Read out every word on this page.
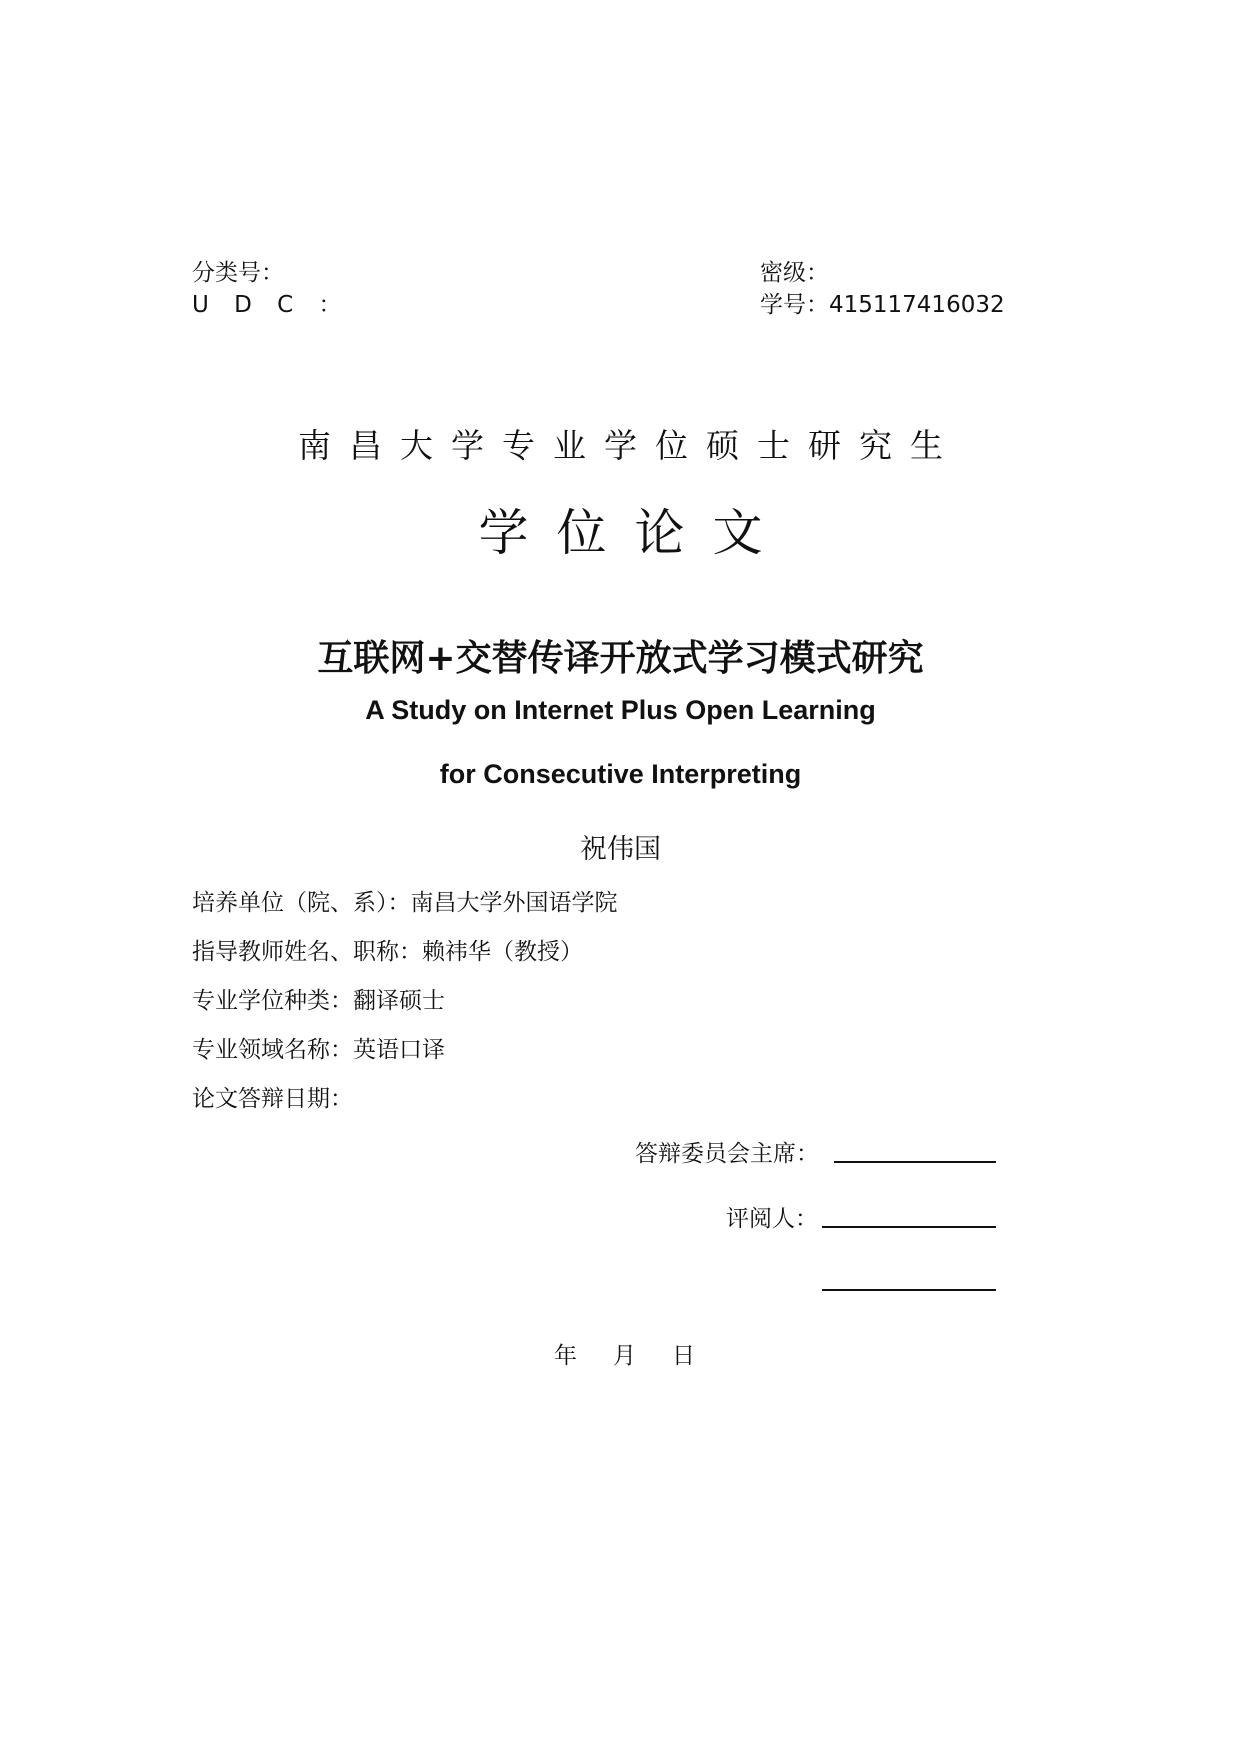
分类号：
U D C ：
密级：
学号：415117416032
南昌大学专业学位硕士研究生
学位论文
互联网+交替传译开放式学习模式研究
A Study on Internet Plus Open Learning
for Consecutive Interpreting
祝伟国
培养单位（院、系）：南昌大学外国语学院
指导教师姓名、职称：赖祎华（教授）
专业学位种类：翻译硕士
专业领域名称：英语口译
论文答辩日期：
答辩委员会主席：
评阅人：
年 月 日
